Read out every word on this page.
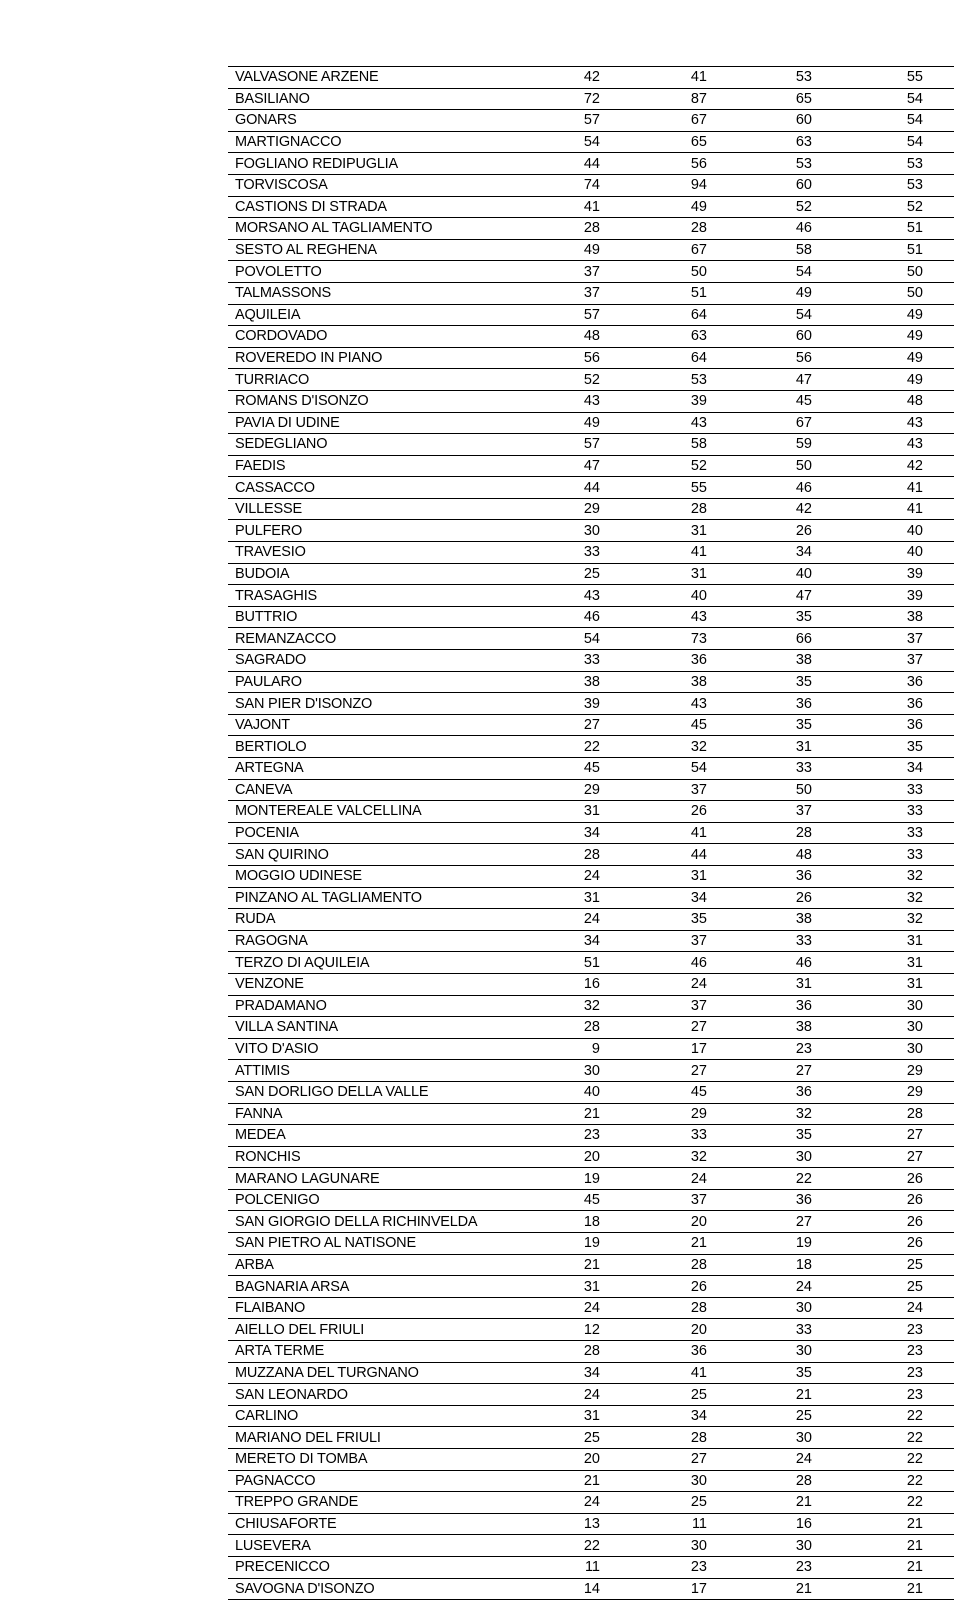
VALVASONE ARZENE	42	41	53	55
BASILIANO	72	87	65	54
GONARS	57	67	60	54
MARTIGNACCO	54	65	63	54
FOGLIANO REDIPUGLIA	44	56	53	53
TORVISCOSA	74	94	60	53
CASTIONS DI STRADA	41	49	52	52
MORSANO AL TAGLIAMENTO	28	28	46	51
SESTO AL REGHENA	49	67	58	51
POVOLETTO	37	50	54	50
TALMASSONS	37	51	49	50
AQUILEIA	57	64	54	49
CORDOVADO	48	63	60	49
ROVEREDO IN PIANO	56	64	56	49
TURRIACO	52	53	47	49
ROMANS D'ISONZO	43	39	45	48
PAVIA DI UDINE	49	43	67	43
SEDEGLIANO	57	58	59	43
FAEDIS	47	52	50	42
CASSACCO	44	55	46	41
VILLESSE	29	28	42	41
PULFERO	30	31	26	40
TRAVESIO	33	41	34	40
BUDOIA	25	31	40	39
TRASAGHIS	43	40	47	39
BUTTRIO	46	43	35	38
REMANZACCO	54	73	66	37
SAGRADO	33	36	38	37
PAULARO	38	38	35	36
SAN PIER D'ISONZO	39	43	36	36
VAJONT	27	45	35	36
BERTIOLO	22	32	31	35
ARTEGNA	45	54	33	34
CANEVA	29	37	50	33
MONTEREALE VALCELLINA	31	26	37	33
POCENIA	34	41	28	33
SAN QUIRINO	28	44	48	33
MOGGIO UDINESE	24	31	36	32
PINZANO AL TAGLIAMENTO	31	34	26	32
RUDA	24	35	38	32
RAGOGNA	34	37	33	31
TERZO DI AQUILEIA	51	46	46	31
VENZONE	16	24	31	31
PRADAMANO	32	37	36	30
VILLA SANTINA	28	27	38	30
VITO D'ASIO	9	17	23	30
ATTIMIS	30	27	27	29
SAN DORLIGO DELLA VALLE	40	45	36	29
FANNA	21	29	32	28
MEDEA	23	33	35	27
RONCHIS	20	32	30	27
MARANO LAGUNARE	19	24	22	26
POLCENIGO	45	37	36	26
SAN GIORGIO DELLA RICHINVELDA	18	20	27	26
SAN PIETRO AL NATISONE	19	21	19	26
ARBA	21	28	18	25
BAGNARIA ARSA	31	26	24	25
FLAIBANO	24	28	30	24
AIELLO DEL FRIULI	12	20	33	23
ARTA TERME	28	36	30	23
MUZZANA DEL TURGNANO	34	41	35	23
SAN LEONARDO	24	25	21	23
CARLINO	31	34	25	22
MARIANO DEL FRIULI	25	28	30	22
MERETO DI TOMBA	20	27	24	22
PAGNACCO	21	30	28	22
TREPPO GRANDE	24	25	21	22
CHIUSAFORTE	13	11	16	21
LUSEVERA	22	30	30	21
PRECENICCO	11	23	23	21
SAVOGNA D'ISONZO	14	17	21	21
